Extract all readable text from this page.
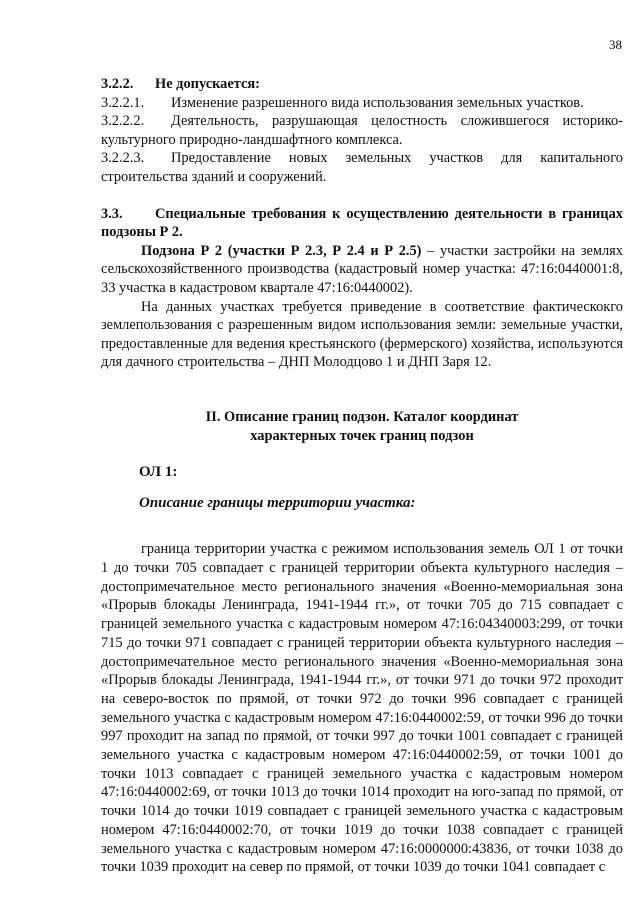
38

3.2.2. Не допускается:

3.2.2.1. Изменение разрешенного вида использования земельных участков.

3.2.2.2. Деятельность, разрушающая целостность сложившегося историко-культурного природно-ландшафтного комплекса.

3.2.2.3. Предоставление новых земельных участков для капитального строительства зданий и сооружений.

3.3. Специальные требования к осуществлению деятельности в границах подзоны Р 2.

Подзона Р 2 (участки Р 2.3, Р 2.4 и Р 2.5) – участки застройки на землях сельскохозяйственного производства (кадастровый номер участка: 47:16:0440001:8, 33 участка в кадастровом квартале 47:16:0440002).

На данных участках требуется приведение в соответствие фактическокго землепользования с разрешенным видом использования земли: земельные участки, предоставленные для ведения крестьянского (фермерского) хозяйства, используются для дачного строительства – ДНП Молодцово 1 и ДНП Заря 12.

II. Описание границ подзон. Каталог координат

характерных точек границ подзон

ОЛ 1:

Описание границы территории участка:

граница территории участка с режимом использования земель ОЛ 1 от точки 1 до точки 705 совпадает с границей территории объекта культурного наследия – достопримечательное место регионального значения «Военно-мемориальная зона «Прорыв блокады Ленинграда, 1941-1944 гг.», от точки 705 до 715 совпадает с границей земельного участка с кадастровым номером 47:16:04340003:299, от точки 715 до точки 971 совпадает с границей территории объекта культурного наследия – достопримечательное место регионального значения «Военно-мемориальная зона «Прорыв блокады Ленинграда, 1941-1944 гг.», от точки 971 до точки 972 проходит на северо-восток по прямой, от точки 972 до точки 996 совпадает с границей земельного участка с кадастровым номером 47:16:0440002:59, от точки 996 до точки 997 проходит на запад по прямой, от точки 997 до точки 1001 совпадает с границей земельного участка с кадастровым номером 47:16:0440002:59, от точки 1001 до точки 1013 совпадает с границей земельного участка с кадастровым номером 47:16:0440002:69, от точки 1013 до точки 1014 проходит на юго-запад по прямой, от точки 1014 до точки 1019 совпадает с границей земельного участка с кадастровым номером 47:16:0440002:70, от точки 1019 до точки 1038 совпадает с границей земельного участка с кадастровым номером 47:16:0000000:43836, от точки 1038 до точки 1039 проходит на север по прямой, от точки 1039 до точки 1041 совпадает с
